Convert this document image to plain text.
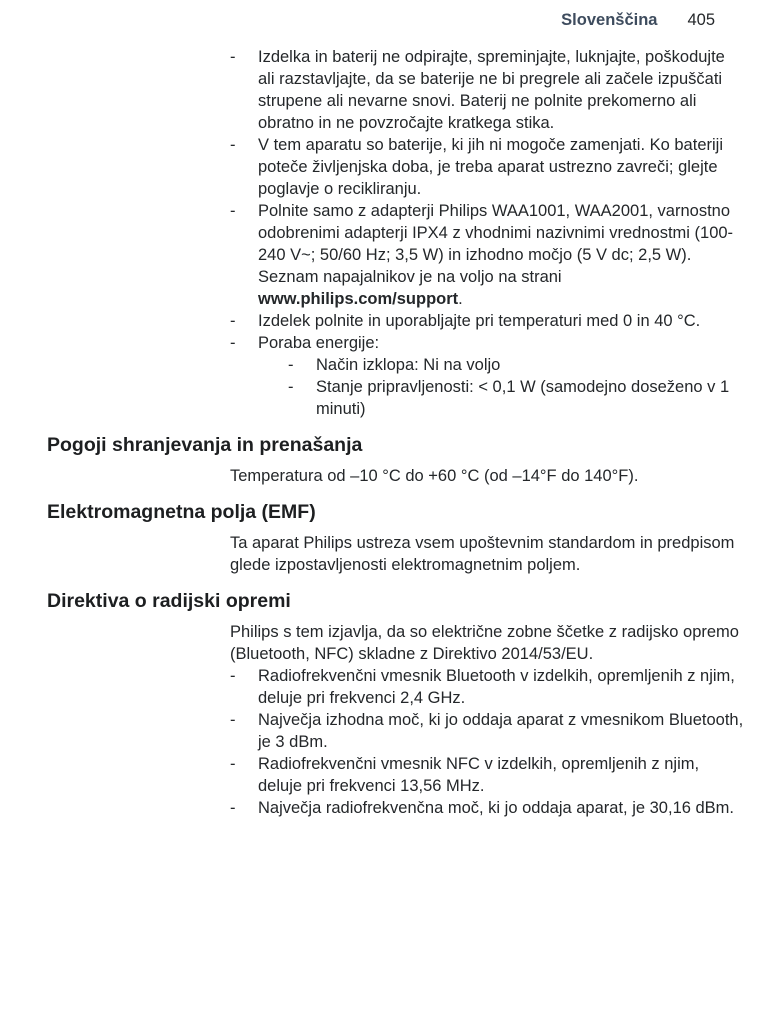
Slovenščina 405
-	Izdelka in baterij ne odpirajte, spreminjajte, luknjajte, poškodujte ali razstavljajte, da se baterije ne bi pregrele ali začele izpuščati strupene ali nevarne snovi. Baterij ne polnite prekomerno ali obratno in ne povzročajte kratkega stika.
-	V tem aparatu so baterije, ki jih ni mogoče zamenjati. Ko bateriji poteče življenjska doba, je treba aparat ustrezno zavreči; glejte poglavje o recikliranju.
-	Polnite samo z adapterji Philips WAA1001, WAA2001, varnostno odobrenimi adapterji IPX4 z vhodnimi nazivnimi vrednostmi (100-240 V~; 50/60 Hz; 3,5 W) in izhodno močjo (5 V dc; 2,5 W). Seznam napajalnikov je na voljo na strani www.philips.com/support.
-	Izdelek polnite in uporabljajte pri temperaturi med 0 in 40 °C.
-	Poraba energije:
-	Način izklopa: Ni na voljo
-	Stanje pripravljenosti: < 0,1 W (samodejno doseženo v 1 minuti)
Pogoji shranjevanja in prenašanja

Temperatura od –10 °C do +60 °C (od –14°F do 140°F).

Elektromagnetna polja (EMF)

Ta aparat Philips ustreza vsem upoštevnim standardom in predpisom glede izpostavljenosti elektromagnetnim poljem.

Direktiva o radijski opremi

Philips s tem izjavlja, da so električne zobne ščetke z radijsko opremo (Bluetooth, NFC) skladne z Direktivo 2014/53/EU.

-	Radiofrekvenčni vmesnik Bluetooth v izdelkih, opremljenih z njim, deluje pri frekvenci 2,4 GHz.
-	Največja izhodna moč, ki jo oddaja aparat z vmesnikom Bluetooth, je 3 dBm.
-	Radiofrekvenčni vmesnik NFC v izdelkih, opremljenih z njim, deluje pri frekvenci 13,56 MHz.
-	Največja radiofrekvenčna moč, ki jo oddaja aparat, je 30,16 dBm.
